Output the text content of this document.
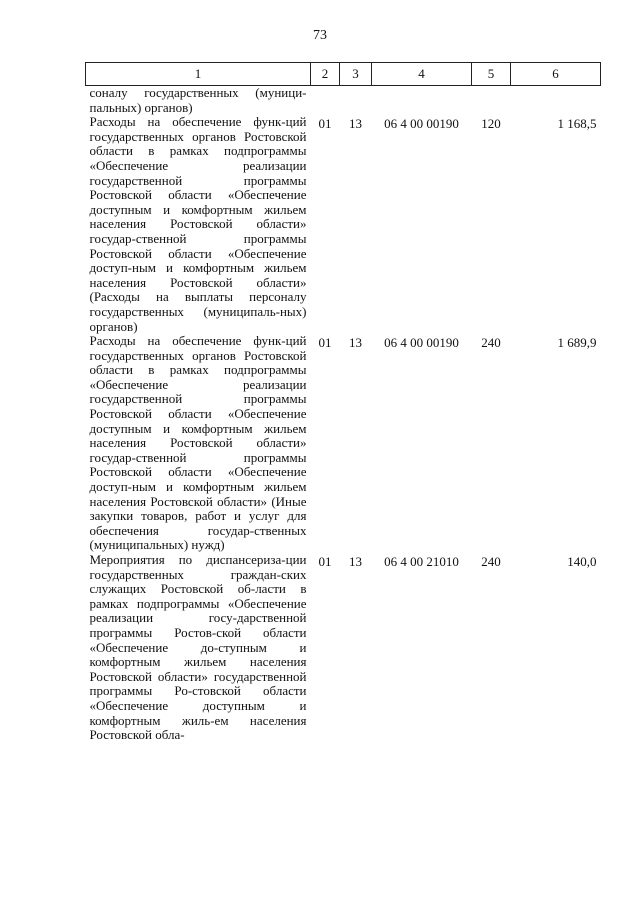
73
1	2	3	4	5	6
соналу государственных (муници-пальных) органов)					
Расходы на обеспечение функ-ций государственных органов Ростовской области в рамках подпрограммы «Обеспечение реализации государственной программы Ростовской области «Обеспечение доступным и комфортным жильем населения Ростовской области» государ-ственной программы Ростовской области «Обеспечение доступ-ным и комфортным жильем населения Ростовской области» (Расходы на выплаты персоналу государственных (муниципаль-ных) органов)	01	13	06 4 00 00190	120	1 168,5
Расходы на обеспечение функ-ций государственных органов Ростовской области в рамках подпрограммы «Обеспечение реализации государственной программы Ростовской области «Обеспечение доступным и комфортным жильем населения Ростовской области» государ-ственной программы Ростовской области «Обеспечение доступ-ным и комфортным жильем населения Ростовской области» (Иные закупки товаров, работ и услуг для обеспечения государ-ственных (муниципальных) нужд)	01	13	06 4 00 00190	240	1 689,9
Мероприятия по диспансеризa-ции государственных граждан-ских служащих Ростовской об-ласти в рамках подпрограммы «Обеспечение реализации госу-дарственной программы Ростов-ской области «Обеспечение до-ступным и комфортным жильем населения Ростовской области» государственной программы Ро-стовской области «Обеспечение доступным и комфортным жиль-ем населения Ростовской обла-	01	13	06 4 00 21010	240	140,0
